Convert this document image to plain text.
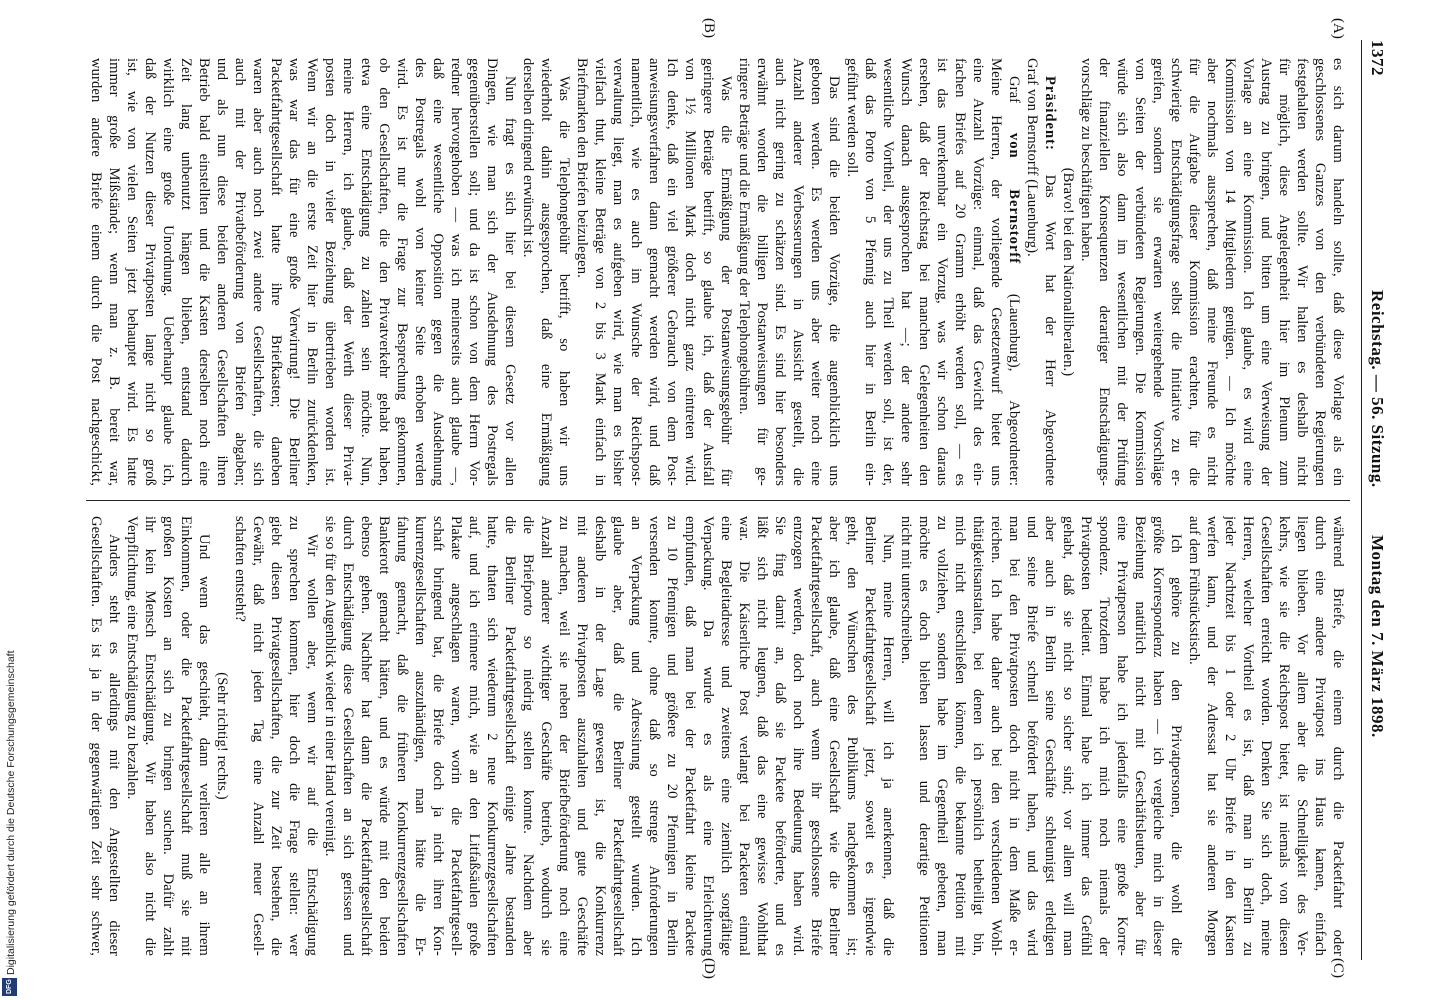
1372
Reichstag. — 56. Sitzung.
Montag den 7. März 1898.
(A)
(B)
(C)
(D)
es sich darum handeln sollte, daß diese Vorlage als ein
geschlossenes Ganzes von den verbündeten Regierungen
festgehalten werden sollte. Wir halten es deshalb nicht
für möglich, diese Angelegenheit hier im Plenum zum
Austrag zu bringen, und bitten um eine Verweisung der
Vorlage an eine Kommission. Ich glaube, es wird eine
Kommission von 14 Mitgliedern genügen. — Ich möchte
aber nochmals aussprechen, daß meine Freunde es nicht
für die Aufgabe dieser Kommission erachten, für die
schwierige Entschädigungsfrage selbst die Initiative zu er-
greifen, sondern sie erwarten weitergehende Vorschläge
von Seiten der verbündeten Regierungen. Die Kommission
würde sich also dann im wesentlichen mit der Prüfung
der finanziellen Konsequenzen derartiger Entschädigungs-
vorschläge zu beschäftigen haben.
(Bravo! bei den Nationalliberalen.)
Präsident: Das Wort hat der Herr Abgeordnete
Graf von Bernstorff (Lauenburg).
Graf von Bernstorff (Lauenburg), Abgeordneter:
Meine Herren, der vorliegende Gesetzentwurf bietet uns
eine Anzahl Vorzüge: einmal, daß das Gewicht des ein-
fachen Briefes auf 20 Gramm erhöht werden soll, — es
ist das unverkennbar ein Vorzug, was wir schon daraus
ersehen, daß der Reichstag bei manchen Gelegenheiten den
Wunsch danach ausgesprochen hat —; der andere sehr
wesentliche Vortheil, der uns zu Theil werden soll, ist der,
daß das Porto von 5 Pfennig auch hier in Berlin ein-
geführt werden soll.
Das sind die beiden Vorzüge, die augenblicklich uns
geboten werden. Es werden uns aber weiter noch eine
Anzahl anderer Verbesserungen in Aussicht gestellt, die
auch nicht gering zu schätzen sind. Es sind hier besonders
erwähnt worden die billigen Postanweisungen für ge-
ringere Beträge und die Ermäßigung der Telephongebühren.
Was die Ermäßigung der Postanweisungsgebühr für
geringere Beträge betrifft, so glaube ich, daß der Ausfall
von 1½ Millionen Mark doch nicht ganz eintreten wird.
Ich denke, daß ein viel größerer Gebrauch von dem Post-
anweisungsverfahren dann gemacht werden wird, und daß
namentlich, wie es auch im Wunsche der Reichspost-
verwaltung liegt, man es aufgeben wird, wie man es bisher
vielfach thut, kleine Beträge von 2 bis 3 Mark einfach in
Briefmarken den Briefen beizulegen.
Was die Telephongebühr betrifft, so haben wir uns
wiederholt dahin ausgesprochen, daß eine Ermäßigung
derselben dringend erwünscht ist.
Nun fragt es sich hier bei diesem Gesetz vor allen
Dingen, wie man sich der Ausdehnung des Postregals
gegenüberstellen soll; und da ist schon von dem Herrn Vor-
redner hervorgehoben — was ich meinerseits auch glaube —,
daß eine wesentliche Opposition gegen die Ausdehnung
des Postregals wohl von keiner Seite erhoben werden
wird. Es ist nur die Frage zur Besprechung gekommen,
ob den Gesellschaften, die den Privatverkehr gehabt haben,
etwa eine Entschädigung zu zahlen sein möchte. Nun,
meine Herren, ich glaube, daß der Werth dieser Privat-
posten doch in vieler Beziehung übertrieben worden ist.
Wenn wir an die erste Zeit hier in Berlin zurückdenken,
was war das für eine große Verwirrung! Die Berliner
Packetfahrtgesellschaft hatte ihre Briefkasten; daneben
waren aber auch noch zwei andere Gesellschaften, die sich
auch mit der Privatbeförderung von Briefen abgaben;
und als nun diese beiden anderen Gesellschaften ihren
Betrieb bald einstellten und die Kasten derselben noch eine
Zeit lang unbenutzt hängen blieben, entstand dadurch
wirklich eine große Unordnung. Ueberhaupt glaube ich,
daß der Nutzen dieser Privatposten lange nicht so groß
ist, wie von vielen Seiten jetzt behauptet wird. Es hatte
immer große Mißstände; wenn man z. B. bereit war,
wurden andere Briefe einem durch die Post nachgeschickt,
während Briefe, die einem durch die Packetfahrt oder
durch eine andere Privatpost ins Haus kamen, einfach
liegen blieben. Vor allem aber die Schnelligkeit des Ver-
kehrs, wie sie die Reichspost bietet, ist niemals von diesen
Gesellschaften erreicht worden. Denken Sie sich doch, meine
Herren, welcher Vortheil es ist, daß man in Berlin zu
jeder Nachtzeit bis 1 oder 2 Uhr Briefe in den Kasten
werfen kann, und der Adressat hat sie anderen Morgen
auf dem Frühstückstisch.
Ich gehöre zu den Privatpersonen, die wohl die
größte Korrespondenz haben — ich vergleiche mich in dieser
Beziehung natürlich nicht mit Geschäftsleuten, aber für
eine Privatperson habe ich jedenfalls eine große Korre-
spondenz. Trotzdem habe ich mich noch niemals der
Privatposten bedient. Einmal habe ich immer das Gefühl
gehabt, daß sie nicht so sicher sind; vor allem will man
aber auch in Berlin seine Geschäfte schleunigst erledigen
und seine Briefe schnell befördert haben, und das wird
man bei den Privatposten doch nicht in dem Maße er-
reichen. Ich habe daher auch bei den verschiedenen Wohl-
thätigkeitsanstalten, bei denen ich persönlich betheiligt bin,
mich nicht entschließen können, die bekannte Petition mit
zu vollziehen, sondern habe im Gegentheil gebeten, man
möchte es doch bleiben lassen und derartige Petitionen
nicht mit unterschreiben.
Nun, meine Herren, will ich ja anerkennen, daß die
Berliner Packetfahrtgesellschaft jetzt, soweit es irgendwie
geht, den Wünschen des Publikums nachgekommen ist;
aber ich glaube, daß eine Gesellschaft wie die Berliner
Packetfahrtgesellschaft, auch wenn ihr geschlossene Briefe
entzogen werden, doch noch ihre Bedeutung haben wird.
Sie fing damit an, daß sie Packete beförderte, und es
läßt sich nicht leugnen, daß das eine gewisse Wohlthat
war. Die Kaiserliche Post verlangt bei Packeten einmal
eine Begleitadresse und zweitens eine ziemlich sorgfältige
Verpackung. Da wurde es als eine Erleichterung
empfunden, daß man bei der Packetfahrt kleine Packete
zu 10 Pfennigen und größere zu 20 Pfennigen in Berlin
versenden konnte, ohne daß so strenge Anforderungen
an Verpackung und Adressirung gestellt wurden. Ich
glaube aber, daß die Berliner Packetfahrtgesellschaft
deshalb in der Lage gewesen ist, die Konkurrenz
mit anderen Privatposten auszuhalten und gute Geschäfte
zu machen, weil sie neben der Briefbeförderung noch eine
Anzahl anderer wichtiger Geschäfte betrieb, wodurch sie
die Briefporto so niedrig stellen konnte. Nachdem aber
die Berliner Packetfahrtgesellschaft einige Jahre bestanden
hatte, thaten sich wiederum 2 neue Konkurrenzgesellschaften
auf, und ich erinnere mich, wie an den Litfaßsäulen große
Plakate angeschlagen waren, worin die Packetfahrtgesell-
schaft bringend bat, die Briefe doch ja nicht ihren Kon-
kurrenzgesellschaften auszuhändigen, man hätte die Er-
fahrung gemacht, daß die früheren Konkurrenzgesellschaften
Bankerott gemacht hätten, und es würde mit den beiden
ebenso gehen. Nachher hat dann die Packetfahrtgesellschaft
durch Entschädigung diese Gesellschaften an sich gerissen und
sie so für den Augenblick wieder in einer Hand vereinigt.
Wir wollen aber, wenn wir auf die Entschädigung
zu sprechen kommen, hier doch die Frage stellen: wer
giebt diesen Privatgesellschaften, die zur Zeit bestehen, die
Gewähr, daß nicht jeden Tag eine Anzahl neuer Gesell-
schaften entsteht?
(Sehr richtig! rechts.)
Und wenn das geschieht, dann verlieren alle an ihrem
Einkommen, oder die Packetfahrtgesellschaft muß sie mit
großen Kosten an sich zu bringen suchen. Dafür zahlt
ihr kein Mensch Entschädigung. Wir haben also nicht die
Verpflichtung, eine Entschädigung zu bezahlen.
Anders steht es allerdings mit den Angestellten dieser
Gesellschaften. Es ist ja in der gegenwärtigen Zeit sehr schwer,
Digitalisierung gefördert durch die Deutsche Forschungsgemeinschaft
DFG
